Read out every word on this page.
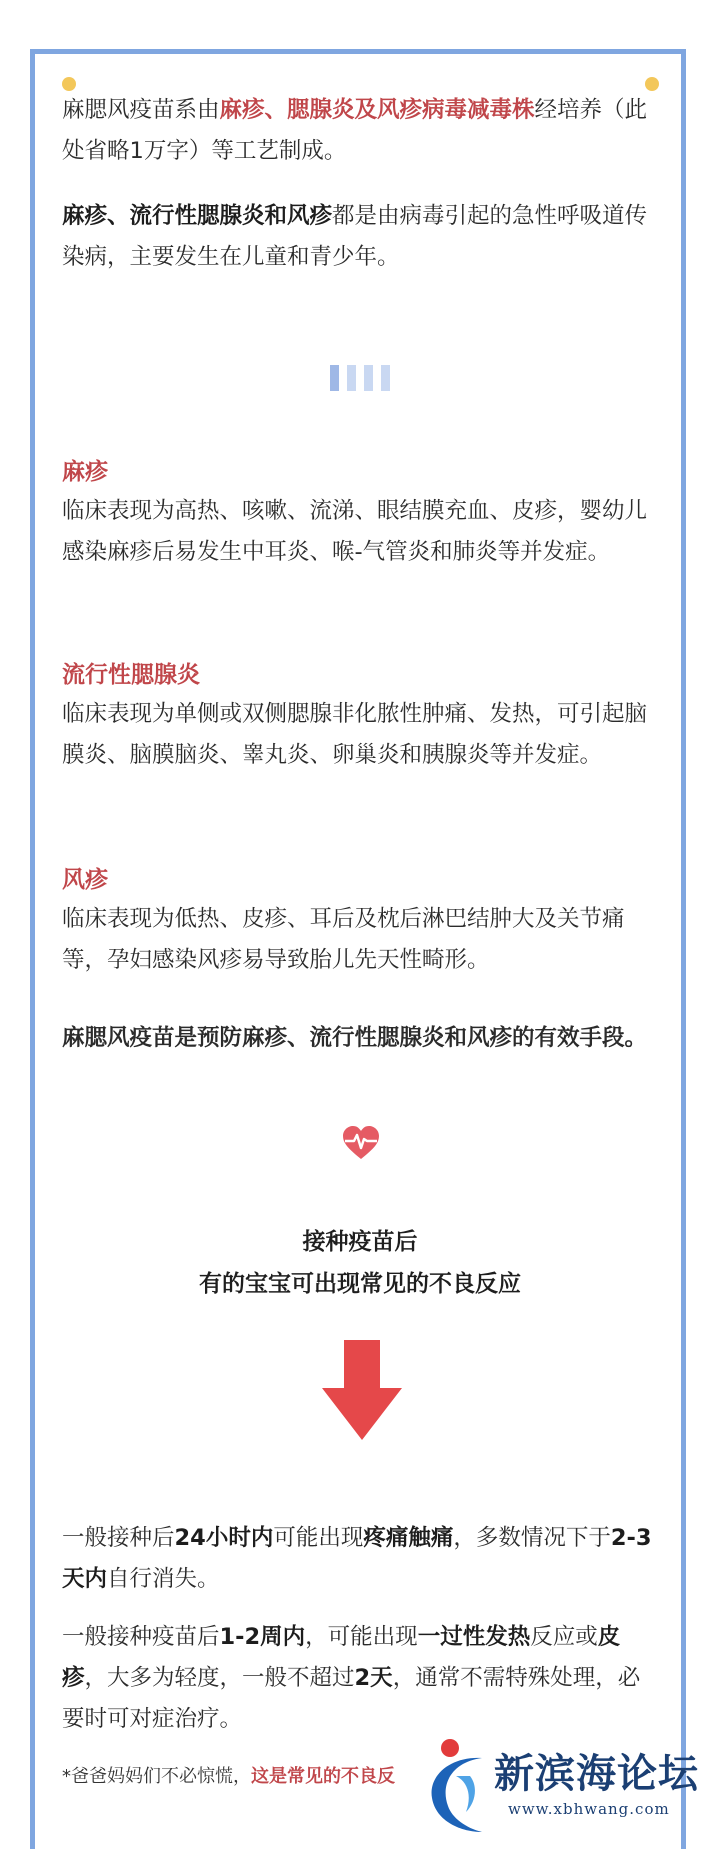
麻腮风疫苗系由麻疹、腮腺炎及风疹病毒减毒株经培养（此处省略1万字）等工艺制成。

麻疹、流行性腮腺炎和风疹都是由病毒引起的急性呼吸道传染病，主要发生在儿童和青少年。

麻疹

临床表现为高热、咳嗽、流涕、眼结膜充血、皮疹，婴幼儿感染麻疹后易发生中耳炎、喉-气管炎和肺炎等并发症。

流行性腮腺炎

临床表现为单侧或双侧腮腺非化脓性肿痛、发热，可引起脑膜炎、脑膜脑炎、睾丸炎、卵巢炎和胰腺炎等并发症。

风疹

临床表现为低热、皮疹、耳后及枕后淋巴结肿大及关节痛等，孕妇感染风疹易导致胎儿先天性畸形。

麻腮风疫苗是预防麻疹、流行性腮腺炎和风疹的有效手段。

接种疫苗后
有的宝宝可出现常见的不良反应

一般接种后24小时内可能出现疼痛触痛，多数情况下于2-3天内自行消失。

一般接种疫苗后1-2周内，可能出现一过性发热反应或皮疹，大多为轻度，一般不超过2天，通常不需特殊处理，必要时可对症治疗。

*爸爸妈妈们不必惊慌，这是常见的不良反 新滨海论坛
www.xbhwang.com
